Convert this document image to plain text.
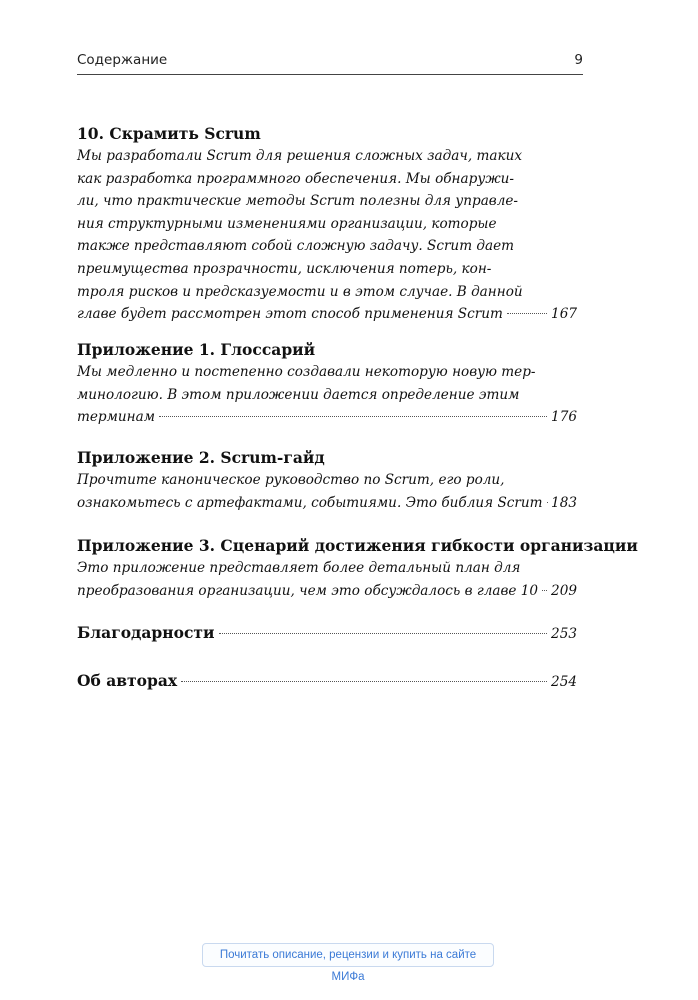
Содержание	9
10. Скрамить Scrum
Мы разработали Scrum для решения сложных задач, таких
как разработка программного обеспечения. Мы обнаружи-
ли, что практические методы Scrum полезны для управле-
ния структурными изменениями организации, которые
также представляют собой сложную задачу. Scrum дает
преимущества прозрачности, исключения потерь, кон-
троля рисков и предсказуемости и в этом случае. В данной
главе будет рассмотрен этот способ применения Scrum	167
Приложение 1. Глоссарий
Мы медленно и постепенно создавали некоторую новую тер-
минологию. В этом приложении дается определение этим
терминам	176
Приложение 2. Scrum-гайд
Прочтите каноническое руководство по Scrum, его роли,
ознакомьтесь с артефактами, событиями. Это библия Scrum 183
Приложение 3. Сценарий достижения гибкости организации
Это приложение представляет более детальный план для
преобразования организации, чем это обсуждалось в главе 10 209
Благодарности	253
Об авторах	254
Почитать описание, рецензии и купить на сайте МИФа
